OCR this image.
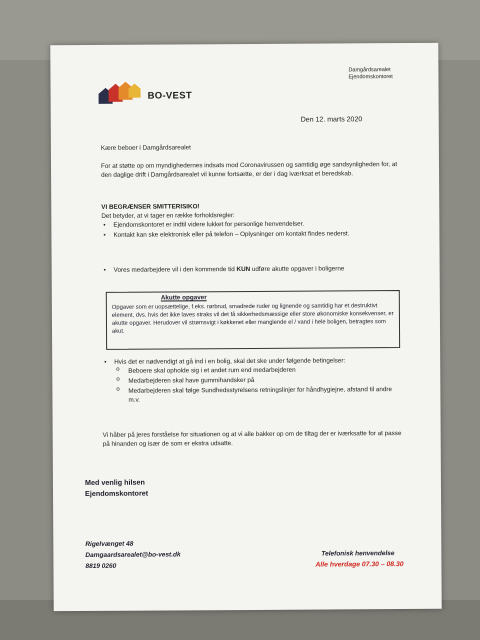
BO-VEST
Damgårdsarealet
Ejendomskontoret
Den 12. marts 2020
Kære beboer i Damgårdsarealet
For at støtte op om myndighedernes indsats mod Coronavirussen og samtidig øge sandsynligheden for, at den daglige drift i Damgårdsarealet vil kunne fortsætte, er der i dag iværksat et beredskab.
VI BEGRÆNSER SMITTERISIKO!
Det betyder, at vi tager en række forholdsregler:
• Ejendomskontoret er indtil videre lukket for personlige henvendelser.
• Kontakt kan ske elektronisk eller på telefon – Oplysninger om kontakt findes nederst.
• Vores medarbejdere vil i den kommende tid KUN udføre akutte opgaver i boligerne
Akutte opgaver
Opgaver som er uopsættelige, f.eks. rørbrud, smadrede ruder og lignende og samtidig har et destruktivt element, dvs. hvis det ikke laves straks vil det få sikkerhedsmæssige eller store økonomiske konsekvenser, er akutte opgaver. Herudover vil strømsvigt i køkkenet eller manglende el / vand i hele boligen, betragtes som akut.
• Hvis det er nødvendigt at gå ind i en bolig, skal det ske under følgende betingelser:
o Beboere skal opholde sig i et andet rum end medarbejderen
o Medarbejderen skal have gummihandsker på
o Medarbejderen skal følge Sundhedsstyrelsens retningslinjer for håndhygiejne, afstand til andre m.v.
Vi håber på jeres forståelse for situationen og at vi alle bakker op om de tiltag der er iværksatte for at passe på hinanden og især de som er ekstra udsatte.
Med venlig hilsen
Ejendomskontoret
Rigelvænget 48
Damgaardsarealet@bo-vest.dk
8819 0260
Telefonisk henvendelse
Alle hverdage 07.30 – 08.30
